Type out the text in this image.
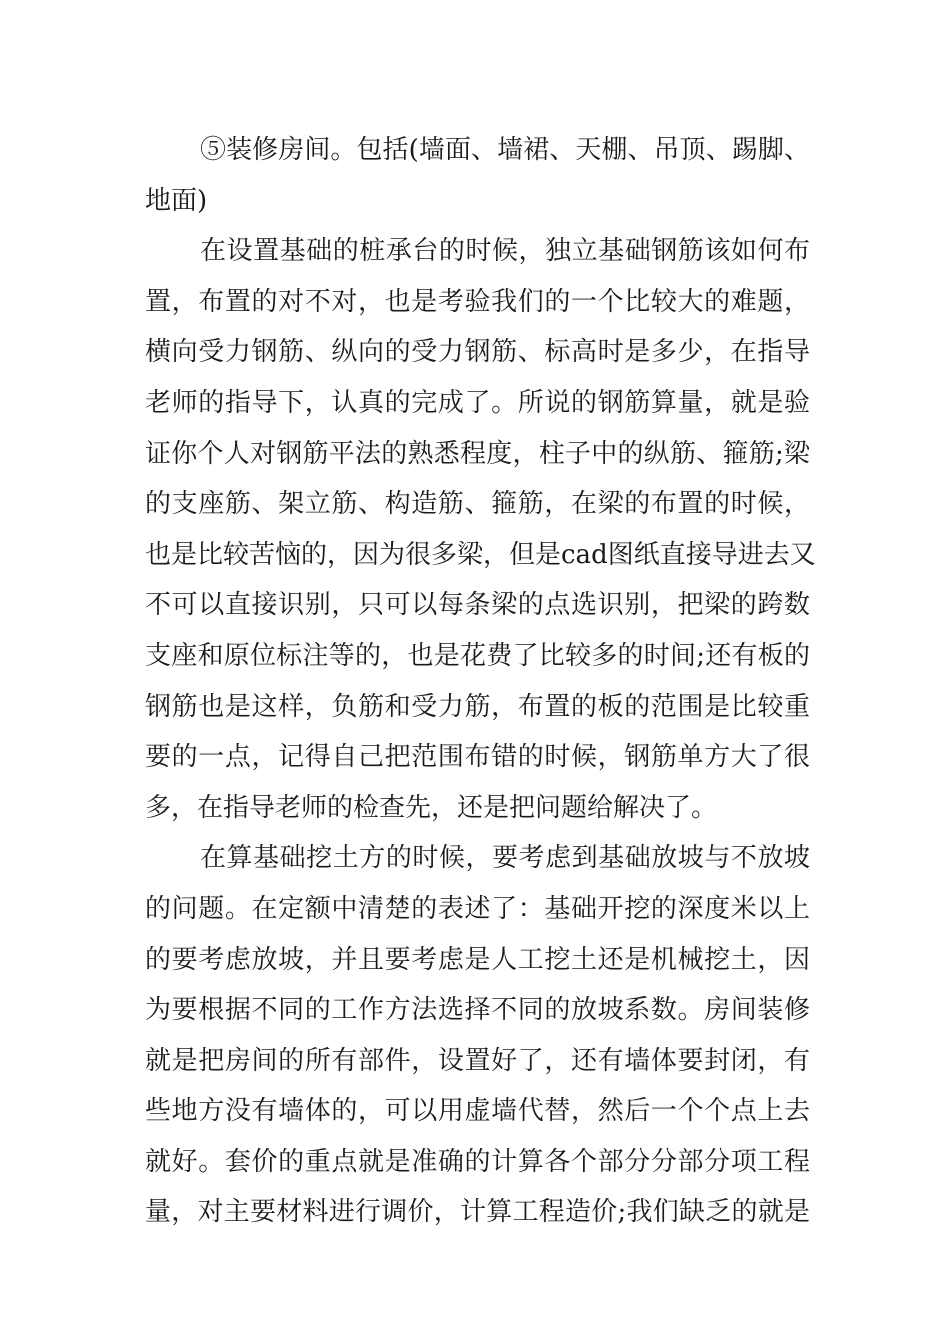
⑤装修房间。包括(墙面、墙裙、天棚、吊顶、踢脚、
地面)
在设置基础的桩承台的时候，独立基础钢筋该如何布
置，布置的对不对，也是考验我们的一个比较大的难题，
横向受力钢筋、纵向的受力钢筋、标高时是多少，在指导
老师的指导下，认真的完成了。所说的钢筋算量，就是验
证你个人对钢筋平法的熟悉程度，柱子中的纵筋、箍筋;梁
的支座筋、架立筋、构造筋、箍筋，在梁的布置的时候，
也是比较苦恼的，因为很多梁，但是cad图纸直接导进去又
不可以直接识别，只可以每条梁的点选识别，把梁的跨数
支座和原位标注等的，也是花费了比较多的时间;还有板的
钢筋也是这样，负筋和受力筋，布置的板的范围是比较重
要的一点，记得自己把范围布错的时候，钢筋单方大了很
多，在指导老师的检查先，还是把问题给解决了。
在算基础挖土方的时候，要考虑到基础放坡与不放坡
的问题。在定额中清楚的表述了：基础开挖的深度米以上
的要考虑放坡，并且要考虑是人工挖土还是机械挖土，因
为要根据不同的工作方法选择不同的放坡系数。房间装修
就是把房间的所有部件，设置好了，还有墙体要封闭，有
些地方没有墙体的，可以用虚墙代替，然后一个个点上去
就好。套价的重点就是准确的计算各个部分分部分项工程
量，对主要材料进行调价，计算工程造价;我们缺乏的就是
